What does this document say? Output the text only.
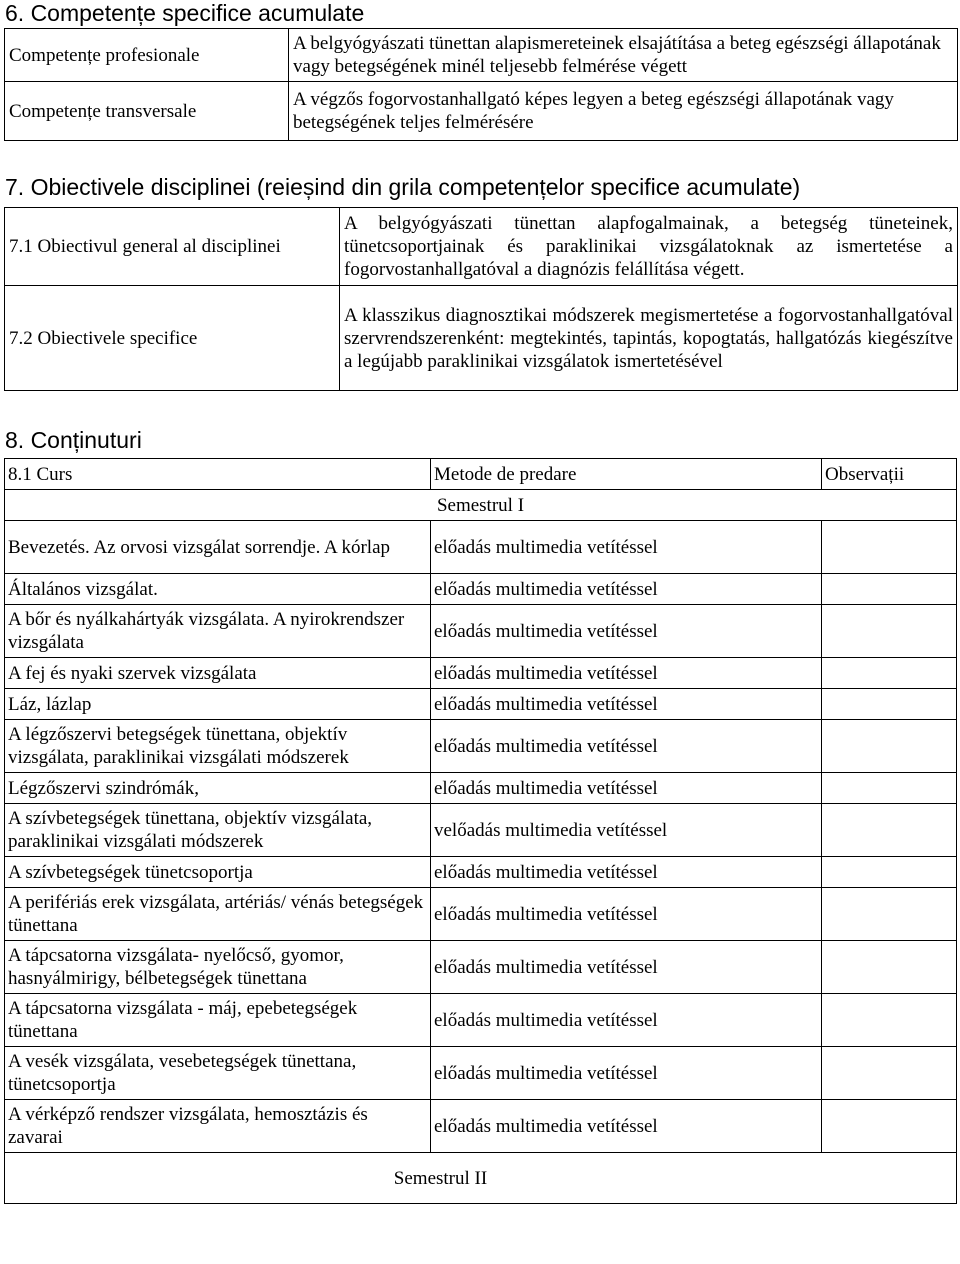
6. Competențe specifice acumulate
Competențe profesionale	A belgyógyászati tünettan alapismereteinek elsajátítása a beteg egészségi állapotának vagy betegségének minél teljesebb felmérése végett
Competențe transversale	A végzős fogorvostanhallgató képes legyen a beteg egészségi állapotának vagy betegségének teljes felmérésére
7. Obiectivele disciplinei (reieșind din grila competențelor specifice acumulate)
7.1 Obiectivul general al disciplinei	A belgyógyászati tünettan alapfogalmainak, a betegség tüneteinek, tünetcsoportjainak és paraklinikai vizsgálatoknak az ismertetése a fogorvostanhallgatóval a diagnózis felállítása végett.
7.2 Obiectivele specifice	A klasszikus diagnosztikai módszerek megismertetése a fogorvostanhallgatóval szervrendszerenként: megtekintés, tapintás, kopogtatás, hallgatózás kiegészítve a legújabb paraklinikai vizsgálatok ismertetésével
8. Conținuturi
8.1 Curs	Metode de predare	Observații
Semestrul I		
Bevezetés. Az orvosi vizsgálat sorrendje. A kórlap	előadás multimedia vetítéssel	
Általános vizsgálat.	előadás multimedia vetítéssel	
A bőr és nyálkahártyák vizsgálata. A nyirokrendszer vizsgálata	előadás multimedia vetítéssel	
A fej és nyaki szervek vizsgálata	előadás multimedia vetítéssel	
Láz, lázlap	előadás multimedia vetítéssel	
A légzőszervi betegségek tünettana, objektív vizsgálata, paraklinikai vizsgálati módszerek	előadás multimedia vetítéssel	
Légzőszervi szindrómák,	előadás multimedia vetítéssel	
A szívbetegségek tünettana, objektív vizsgálata, paraklinikai vizsgálati módszerek	velőadás multimedia vetítéssel	
A szívbetegségek tünetcsoportja	előadás multimedia vetítéssel	
A perifériás erek vizsgálata, artériás/ vénás betegségek tünettana	előadás multimedia vetítéssel	
A tápcsatorna vizsgálata- nyelőcső, gyomor, hasnyálmirigy, bélbetegségek tünettana	előadás multimedia vetítéssel	
A tápcsatorna vizsgálata - máj, epebetegségek tünettana	előadás multimedia vetítéssel	
A vesék vizsgálata, vesebetegségek tünettana, tünetcsoportja	előadás multimedia vetítéssel	
A vérképző rendszer vizsgálata, hemosztázis és zavarai	előadás multimedia vetítéssel	
Semestrul II		
